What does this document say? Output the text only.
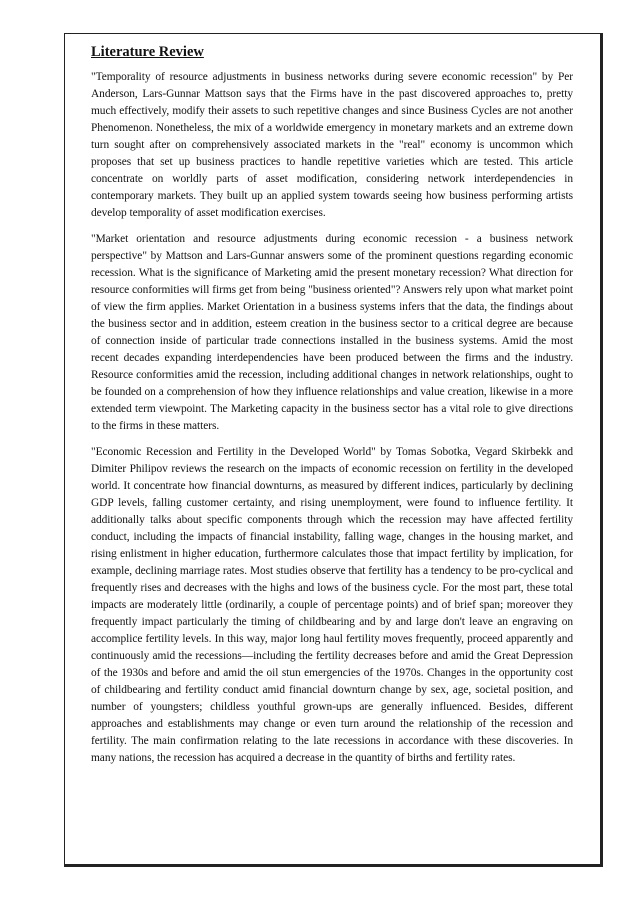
Literature Review

"Temporality of resource adjustments in business networks during severe economic recession" by Per Anderson, Lars-Gunnar Mattson says that the Firms have in the past discovered approaches to, pretty much effectively, modify their assets to such repetitive changes and since Business Cycles are not another Phenomenon. Nonetheless, the mix of a worldwide emergency in monetary markets and an extreme down turn sought after on comprehensively associated markets in the "real" economy is uncommon which proposes that set up business practices to handle repetitive varieties which are tested. This article concentrate on worldly parts of asset modification, considering network interdependencies in contemporary markets. They built up an applied system towards seeing how business performing artists develop temporality of asset modification exercises.

"Market orientation and resource adjustments during economic recession - a business network perspective" by Mattson and Lars-Gunnar answers some of the prominent questions regarding economic recession. What is the significance of Marketing amid the present monetary recession? What direction for resource conformities will firms get from being "business oriented"? Answers rely upon what market point of view the firm applies. Market Orientation in a business systems infers that the data, the findings about the business sector and in addition, esteem creation in the business sector to a critical degree are because of connection inside of particular trade connections installed in the business systems. Amid the most recent decades expanding interdependencies have been produced between the firms and the industry. Resource conformities amid the recession, including additional changes in network relationships, ought to be founded on a comprehension of how they influence relationships and value creation, likewise in a more extended term viewpoint. The Marketing capacity in the business sector has a vital role to give directions to the firms in these matters.

"Economic Recession and Fertility in the Developed World" by Tomas Sobotka, Vegard Skirbekk and Dimiter Philipov reviews the research on the impacts of economic recession on fertility in the developed world. It concentrate how financial downturns, as measured by different indices, particularly by declining GDP levels, falling customer certainty, and rising unemployment, were found to influence fertility. It additionally talks about specific components through which the recession may have affected fertility conduct, including the impacts of financial instability, falling wage, changes in the housing market, and rising enlistment in higher education, furthermore calculates those that impact fertility by implication, for example, declining marriage rates. Most studies observe that fertility has a tendency to be pro-cyclical and frequently rises and decreases with the highs and lows of the business cycle. For the most part, these total impacts are moderately little (ordinarily, a couple of percentage points) and of brief span; moreover they frequently impact particularly the timing of childbearing and by and large don't leave an engraving on accomplice fertility levels. In this way, major long haul fertility moves frequently, proceed apparently and continuously amid the recessions—including the fertility decreases before and amid the Great Depression of the 1930s and before and amid the oil stun emergencies of the 1970s. Changes in the opportunity cost of childbearing and fertility conduct amid financial downturn change by sex, age, societal position, and number of youngsters; childless youthful grown-ups are generally influenced. Besides, different approaches and establishments may change or even turn around the relationship of the recession and fertility. The main confirmation relating to the late recessions in accordance with these discoveries. In many nations, the recession has acquired a decrease in the quantity of births and fertility rates.
